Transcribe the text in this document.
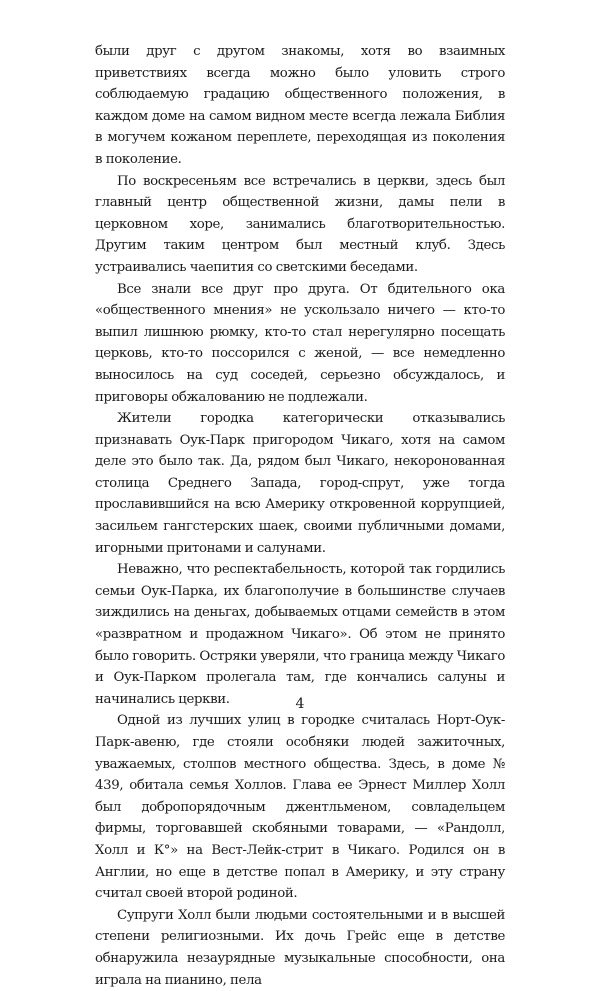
были друг с другом знакомы, хотя во взаимных приветствиях всегда можно было уловить строго соблюдаемую градацию общественного положения, в каждом доме на самом видном месте всегда лежала Библия в могучем кожаном переплете, переходящая из поколения в поколение.

По воскресеньям все встречались в церкви, здесь был главный центр общественной жизни, дамы пели в церковном хоре, занимались благотворительностью. Другим таким центром был местный клуб. Здесь устраивались чаепития со светскими беседами.

Все знали все друг про друга. От бдительного ока «общественного мнения» не ускользало ничего — кто-то выпил лишнюю рюмку, кто-то стал нерегулярно посещать церковь, кто-то поссорился с женой, — все немедленно выносилось на суд соседей, серьезно обсуждалось, и приговоры обжалованию не подлежали.

Жители городка категорически отказывались признавать Оук-Парк пригородом Чикаго, хотя на самом деле это было так. Да, рядом был Чикаго, некоронованная столица Среднего Запада, город-спрут, уже тогда прославившийся на всю Америку откровенной коррупцией, засильем гангстерских шаек, своими публичными домами, игорными притонами и салунами.

Неважно, что респектабельность, которой так гордились семьи Оук-Парка, их благополучие в большинстве случаев зиждились на деньгах, добываемых отцами семейств в этом «развратном и продажном Чикаго». Об этом не принято было говорить. Остряки уверяли, что граница между Чикаго и Оук-Парком пролегала там, где кончались салуны и начинались церкви.

Одной из лучших улиц в городке считалась Норт-Оук-Парк-авеню, где стояли особняки людей зажиточных, уважаемых, столпов местного общества. Здесь, в доме № 439, обитала семья Холлов. Глава ее Эрнест Миллер Холл был добропорядочным джентльменом, совладельцем фирмы, торговавшей скобяными товарами, — «Рандолл, Холл и К°» на Вест-Лейк-стрит в Чикаго. Родился он в Англии, но еще в детстве попал в Америку, и эту страну считал своей второй родиной.

Супруги Холл были людьми состоятельными и в высшей степени религиозными. Их дочь Грейс еще в детстве обнаружила незаурядные музыкальные способности, она играла на пианино, пела

4
